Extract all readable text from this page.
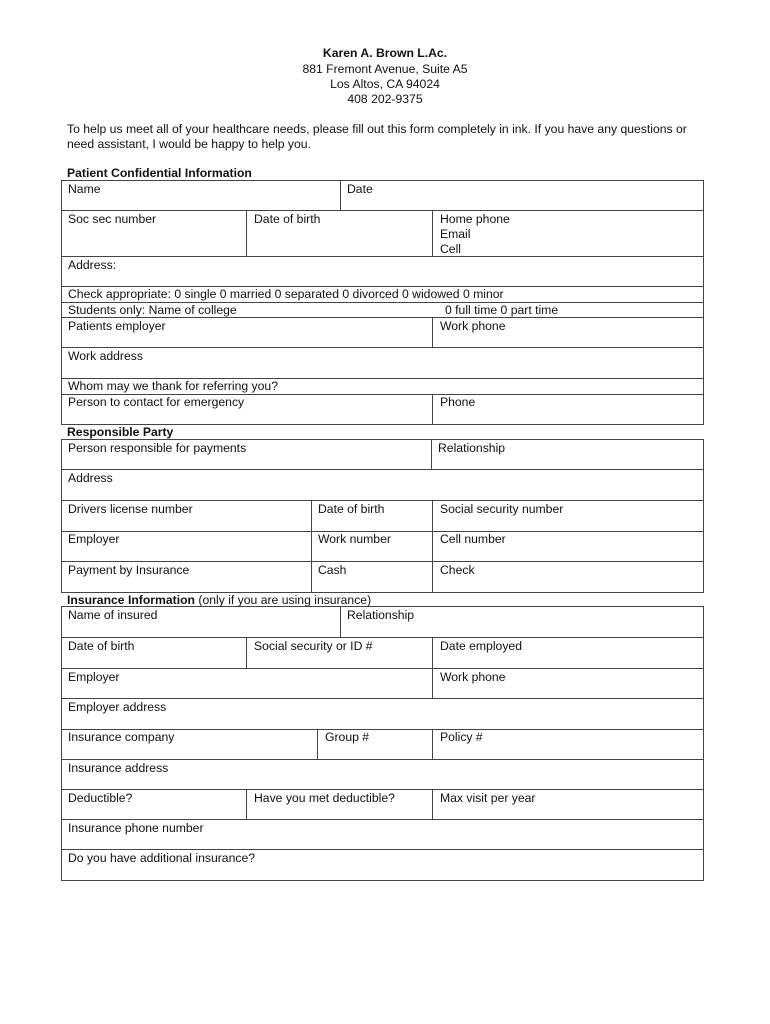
Karen A. Brown L.Ac.
881 Fremont Avenue, Suite A5
Los Altos, CA 94024
408 202-9375
To help us meet all of your healthcare needs, please fill out this form completely in ink. If you have any questions or need assistant, I would be happy to help you.
Patient Confidential Information
Name	Date
Soc sec number	Date of birth	Home phone
Email
Cell
Address:
Check appropriate: 0 single 0 married 0 separated 0 divorced 0 widowed 0 minor
Students only: Name of college	0 full time 0 part time
Patients employer	Work phone
Work address
Whom may we thank for referring you?
Person to contact for emergency	Phone
Responsible Party
Person responsible for payments	Relationship
Address
Drivers license number	Date of birth	Social security number
Employer	Work number	Cell number
Payment by Insurance	Cash	Check
Insurance Information (only if you are using insurance)
Name of insured	Relationship
Date of birth	Social security or ID #	Date employed
Employer	Work phone
Employer address
Insurance company	Group #	Policy #
Insurance address
Deductible?	Have you met deductible?	Max visit per year
Insurance phone number
Do you have additional insurance?
